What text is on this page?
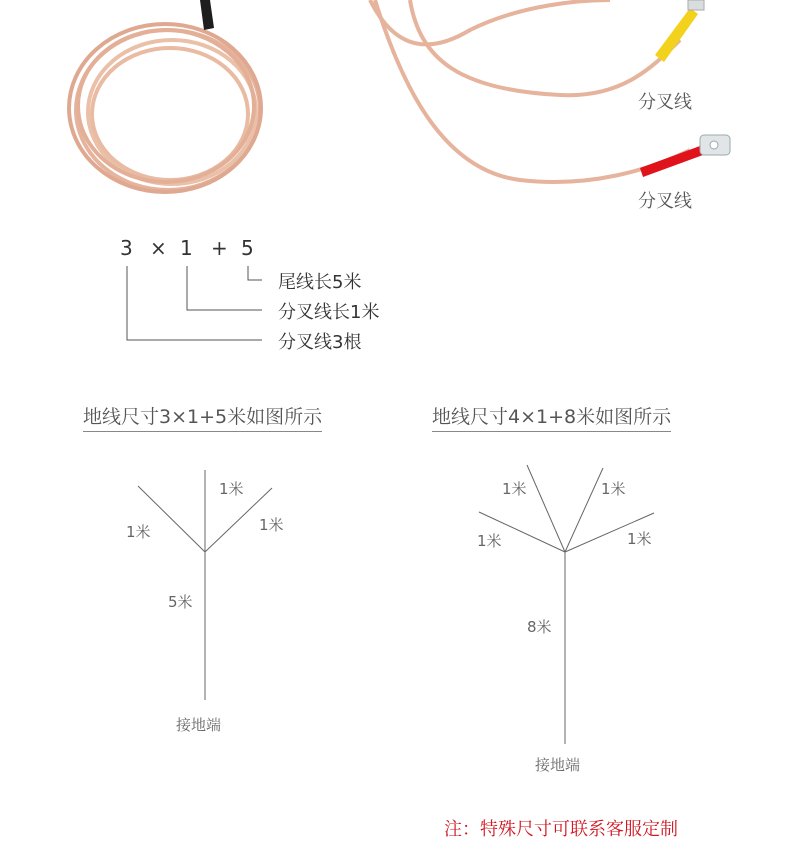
分叉线
分叉线
3 × 1 + 5
尾线长5米
分叉线长1米
分叉线3根
地线尺寸3×1+5米如图所示
1米
1米	1米
5米
接地端
地线尺寸4×1+8米如图所示
1米	1米
1米	1米
8米
接地端
注：特殊尺寸可联系客服定制
